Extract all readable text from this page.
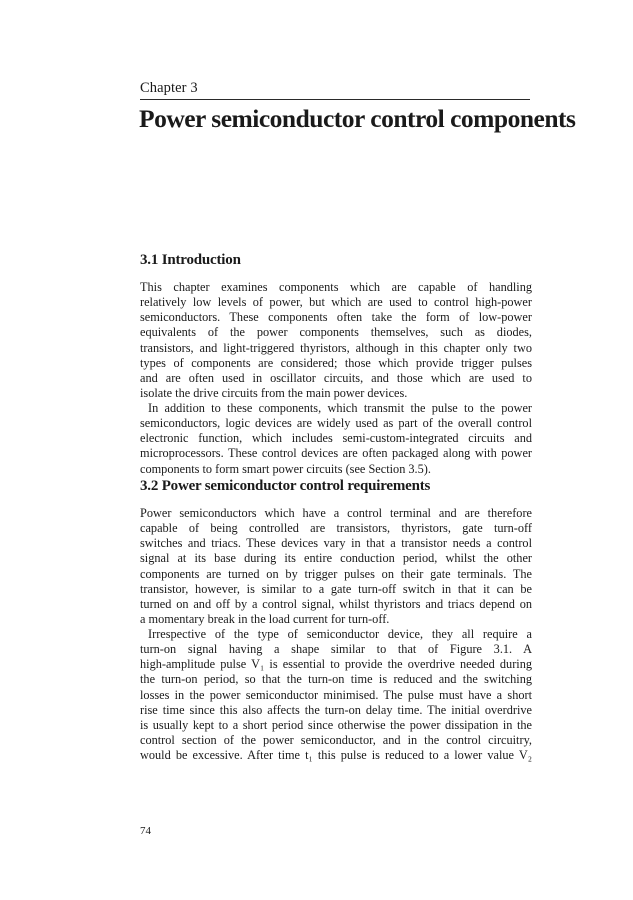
Chapter 3
Power semiconductor control components
3.1 Introduction

This chapter examines components which are capable of handling
relatively low levels of power, but which are used to control high-power
semiconductors. These components often take the form of low-power
equivalents of the power components themselves, such as diodes,
transistors, and light-triggered thyristors, although in this chapter only two
types of components are considered; those which provide trigger pulses
and are often used in oscillator circuits, and those which are used to
isolate the drive circuits from the main power devices.

In addition to these components, which transmit the pulse to the power
semiconductors, logic devices are widely used as part of the overall control
electronic function, which includes semi-custom-integrated circuits and
microprocessors. These control devices are often packaged along with power
components to form smart power circuits (see Section 3.5).

3.2 Power semiconductor control requirements

Power semiconductors which have a control terminal and are therefore
capable of being controlled are transistors, thyristors, gate turn-off
switches and triacs. These devices vary in that a transistor needs a control
signal at its base during its entire conduction period, whilst the other
components are turned on by trigger pulses on their gate terminals. The
transistor, however, is similar to a gate turn-off switch in that it can be
turned on and off by a control signal, whilst thyristors and triacs depend on
a momentary break in the load current for turn-off.

Irrespective of the type of semiconductor device, they all require a
turn-on signal having a shape similar to that of Figure 3.1. A
high-amplitude pulse V₁ is essential to provide the overdrive needed during
the turn-on period, so that the turn-on time is reduced and the switching
losses in the power semiconductor minimised. The pulse must have a short
rise time since this also affects the turn-on delay time. The initial overdrive
is usually kept to a short period since otherwise the power dissipation in the
control section of the power semiconductor, and in the control circuitry,
would be excessive. After time t₁ this pulse is reduced to a lower value V₂

74
